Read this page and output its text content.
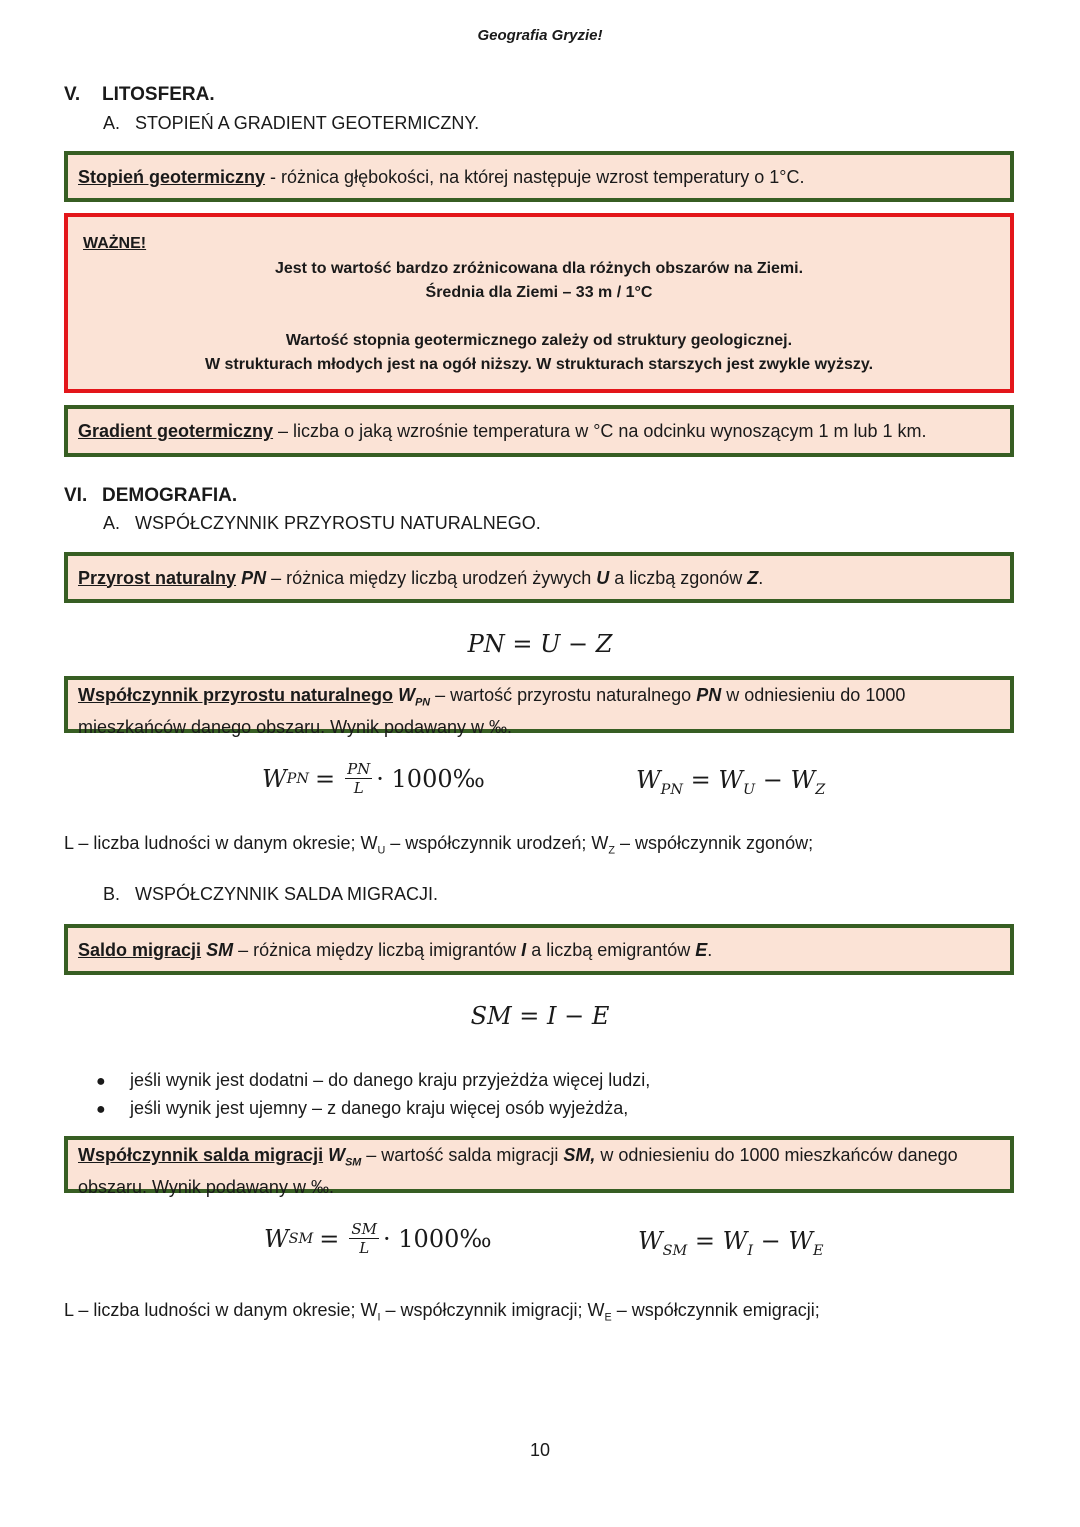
Geografia Gryzie!
V. LITOSFERA.
A. STOPIEŃ A GRADIENT GEOTERMICZNY.
Stopień geotermiczny - różnica głębokości, na której następuje wzrost temperatury o 1°C.
WAŻNE!
Jest to wartość bardzo zróżnicowana dla różnych obszarów na Ziemi.
Średnia dla Ziemi – 33 m / 1°C
Wartość stopnia geotermicznego zależy od struktury geologicznej.
W strukturach młodych jest na ogół niższy. W strukturach starszych jest zwykle wyższy.
Gradient geotermiczny – liczba o jaką wzrośnie temperatura w °C na odcinku wynoszącym 1 m lub 1 km.
VI. DEMOGRAFIA.
A. WSPÓŁCZYNNIK PRZYROSTU NATURALNEGO.
Przyrost naturalny PN – różnica między liczbą urodzeń żywych U a liczbą zgonów Z.
PN = U − Z
Współczynnik przyrostu naturalnego $W_{PN}$ – wartość przyrostu naturalnego PN w odniesieniu do 1000 mieszkańców danego obszaru. Wynik podawany w ‰.
W PN = $\frac{PN}{L}$ · 1000‰	$W_{PN} = W_U - W_Z$
L – liczba ludności w danym okresie; $W_U$ – współczynnik urodzeń; $W_Z$ – współczynnik zgonów;
B. WSPÓŁCZYNNIK SALDA MIGRACJI.
Saldo migracji SM – różnica między liczbą imigrantów I a liczbą emigrantów E.
SM = I − E
● jeśli wynik jest dodatni – do danego kraju przyjeżdża więcej ludzi,
● jeśli wynik jest ujemny – z danego kraju więcej osób wyjeżdża,
Współczynnik salda migracji $W_{SM}$ – wartość salda migracji SM, w odniesieniu do 1000 mieszkańców danego obszaru. Wynik podawany w ‰.
W SM = $\frac{SM}{L}$ · 1000‰	$W_{SM} = W_I - W_E$
L – liczba ludności w danym okresie; $W_I$ – współczynnik imigracji; $W_E$ – współczynnik emigracji;
10
